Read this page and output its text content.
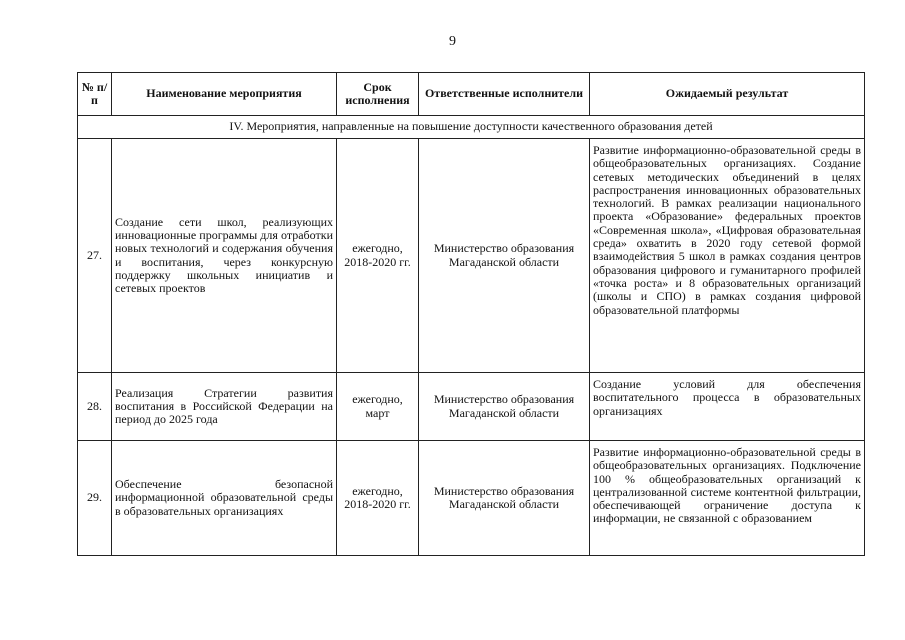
9
№ п/п	Наименование мероприятия	Срок исполнения	Ответственные исполнители	Ожидаемый результат
IV. Мероприятия, направленные на повышение доступности качественного образования детей				
27.	Создание сети школ, реализующих инновационные программы для отработки новых технологий и содержания обучения и воспитания, через конкурсную поддержку школьных инициатив и сетевых проектов	ежегодно, 2018-2020 гг.	Министерство образования Магаданской области	Развитие информационно-образовательной среды в общеобразовательных организациях. Создание сетевых методических объединений в целях распространения инновационных образовательных технологий. В рамках реализации национального проекта «Образование» федеральных проектов «Современная школа», «Цифровая образовательная среда» охватить в 2020 году сетевой формой взаимодействия 5 школ в рамках создания центров образования цифрового и гуманитарного профилей «точка роста» и 8 образовательных организаций (школы и СПО) в рамках создания цифровой образовательной платформы
28.	Реализация Стратегии развития воспитания в Российской Федерации на период до 2025 года	ежегодно, март	Министерство образования Магаданской области	Создание условий для обеспечения воспитательного процесса в образовательных организациях
29.	Обеспечение безопасной информационной образовательной среды в образовательных организациях	ежегодно, 2018-2020 гг.	Министерство образования Магаданской области	Развитие информационно-образовательной среды в общеобразовательных организациях. Подключение 100 % общеобразовательных организаций к централизованной системе контентной фильтрации, обеспечивающей ограничение доступа к информации, не связанной с образованием
